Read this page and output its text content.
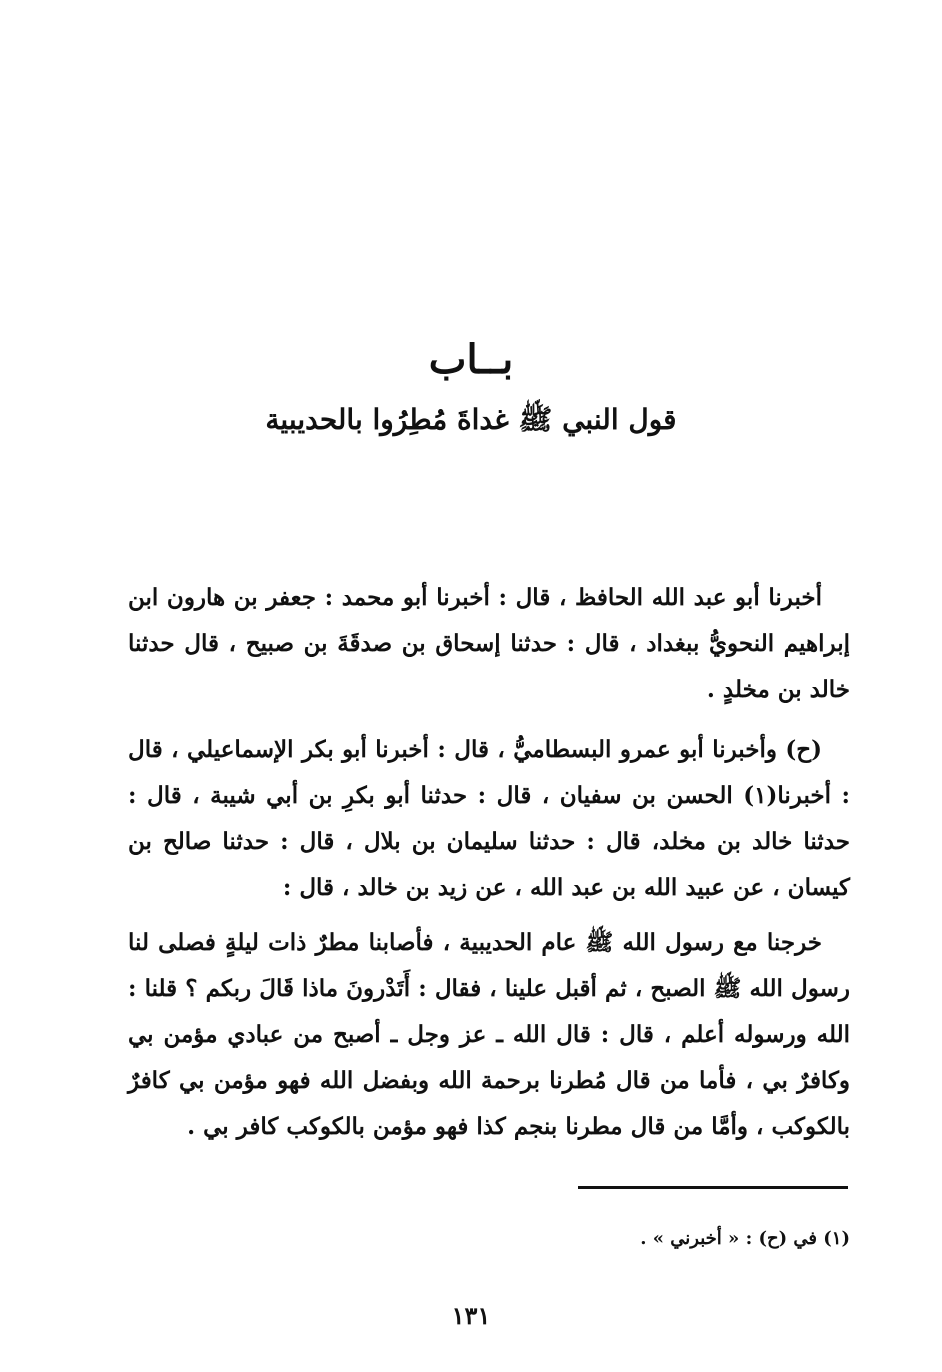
بــاب
قول النبي ﷺ غداةَ مُطِرُوا بالحديبية

أخبرنا أبو عبد الله الحافظ ، قال : أخبرنا أبو محمد : جعفر بن هارون ابن إبراهيم النحويُّ ببغداد ، قال : حدثنا إسحاق بن صدقَةَ بن صبيح ، قال حدثنا خالد بن مخلدٍ .

(ح) وأخبرنا أبو عمرو البسطاميُّ ، قال : أخبرنا أبو بكر الإسماعيلي ، قال : أخبرنا(١) الحسن بن سفيان ، قال : حدثنا أبو بكرِ بن أبي شيبة ، قال : حدثنا خالد بن مخلد، قال : حدثنا سليمان بن بلال ، قال : حدثنا صالح بن كيسان ، عن عبيد الله بن عبد الله ، عن زيد بن خالد ، قال :

خرجنا مع رسول الله ﷺ عام الحديبية ، فأصابنا مطرٌ ذات ليلةٍ فصلى لنا رسول الله ﷺ الصبح ، ثم أقبل علينا ، فقال : أَتَدْرونَ ماذا قَالَ ربكم ؟ قلنا : الله ورسوله أعلم ، قال : قال الله ـ عز وجل ـ أصبح من عبادي مؤمن بي وكافرٌ بي ، فأما من قال مُطرنا برحمة الله وبفضل الله فهو مؤمن بي كافرٌ بالكوكب ، وأمَّا من قال مطرنا بنجم كذا فهو مؤمن بالكوكب كافر بي .

(١) في (ح) : « أخبرني » .
١٣١
